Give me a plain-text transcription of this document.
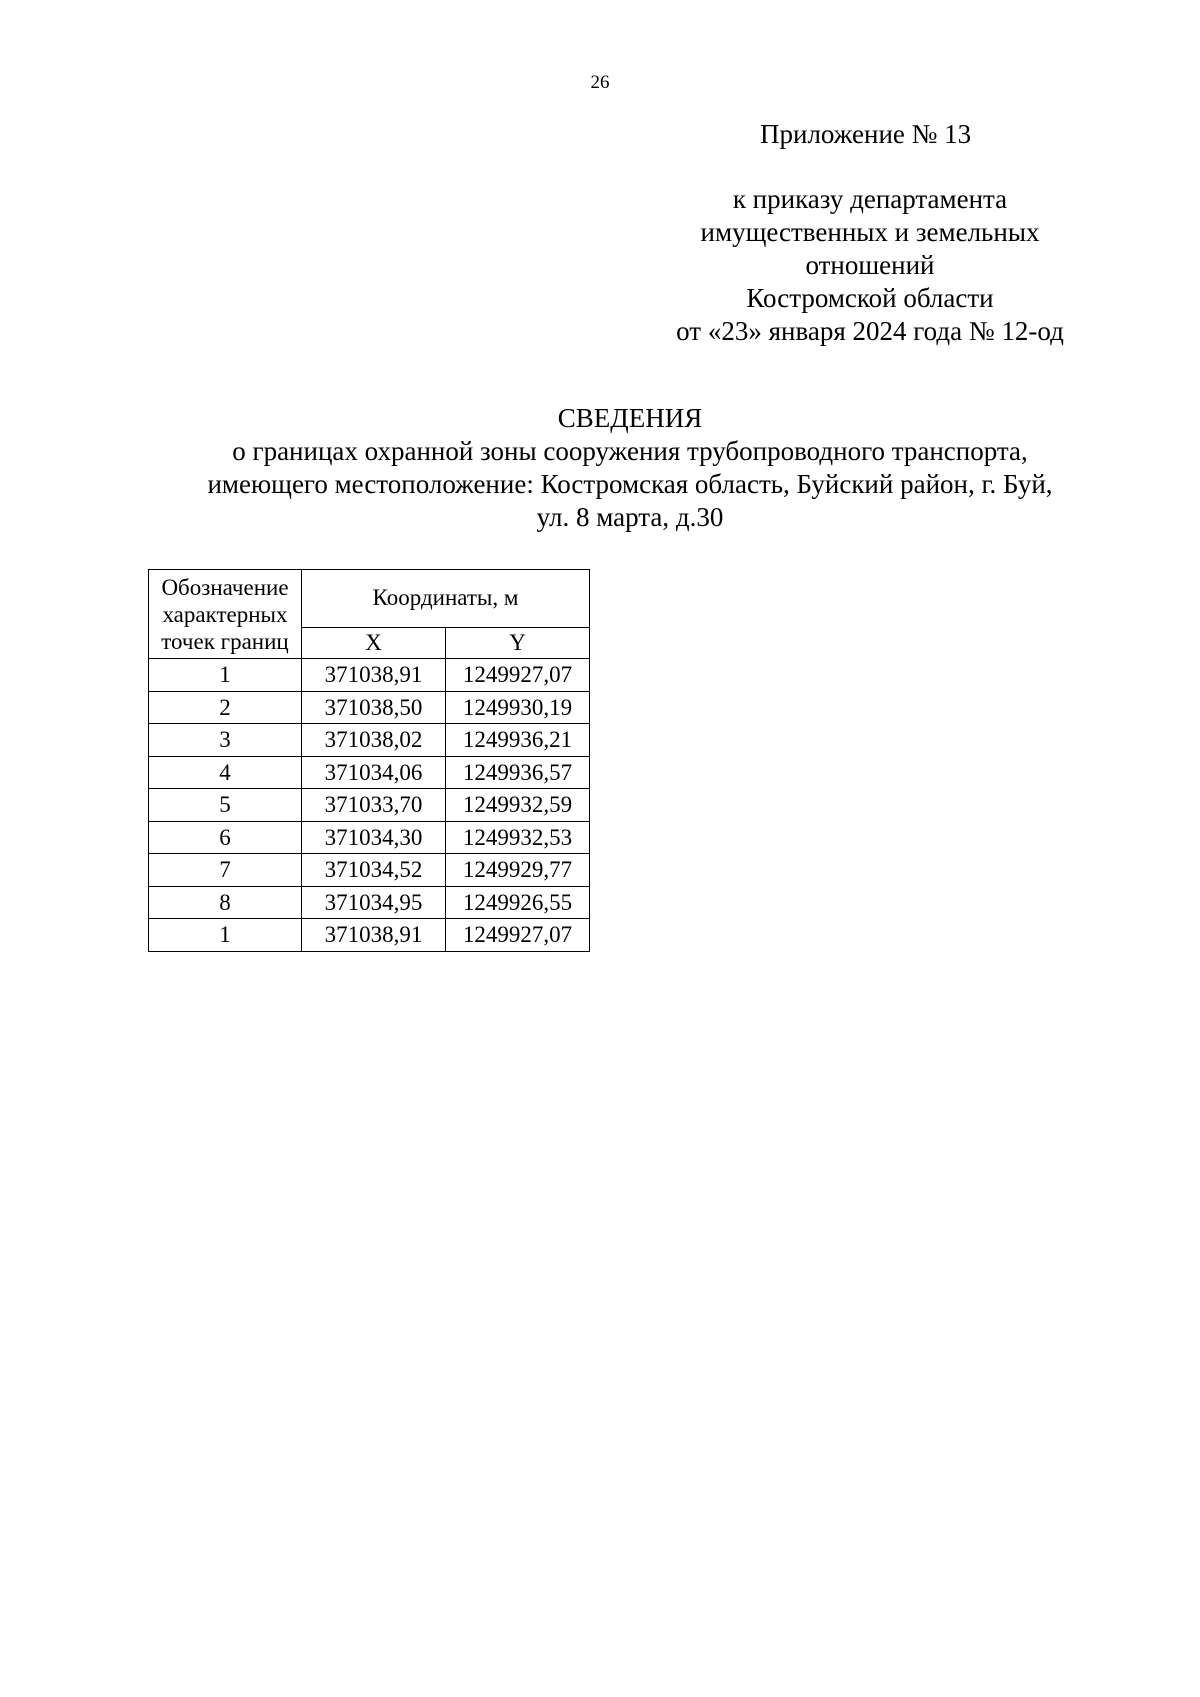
26
Приложение № 13
к приказу департамента
имущественных и земельных
отношений
Костромской области
от «23» января 2024 года № 12-од
СВЕДЕНИЯ
о границах охранной зоны сооружения трубопроводного транспорта,
имеющего местоположение: Костромская область, Буйский район, г. Буй,
ул. 8 марта, д.30
Обозначение
характерных
точек границ	Координаты, м	
	X	Y
1	371038,91	1249927,07
2	371038,50	1249930,19
3	371038,02	1249936,21
4	371034,06	1249936,57
5	371033,70	1249932,59
6	371034,30	1249932,53
7	371034,52	1249929,77
8	371034,95	1249926,55
1	371038,91	1249927,07
